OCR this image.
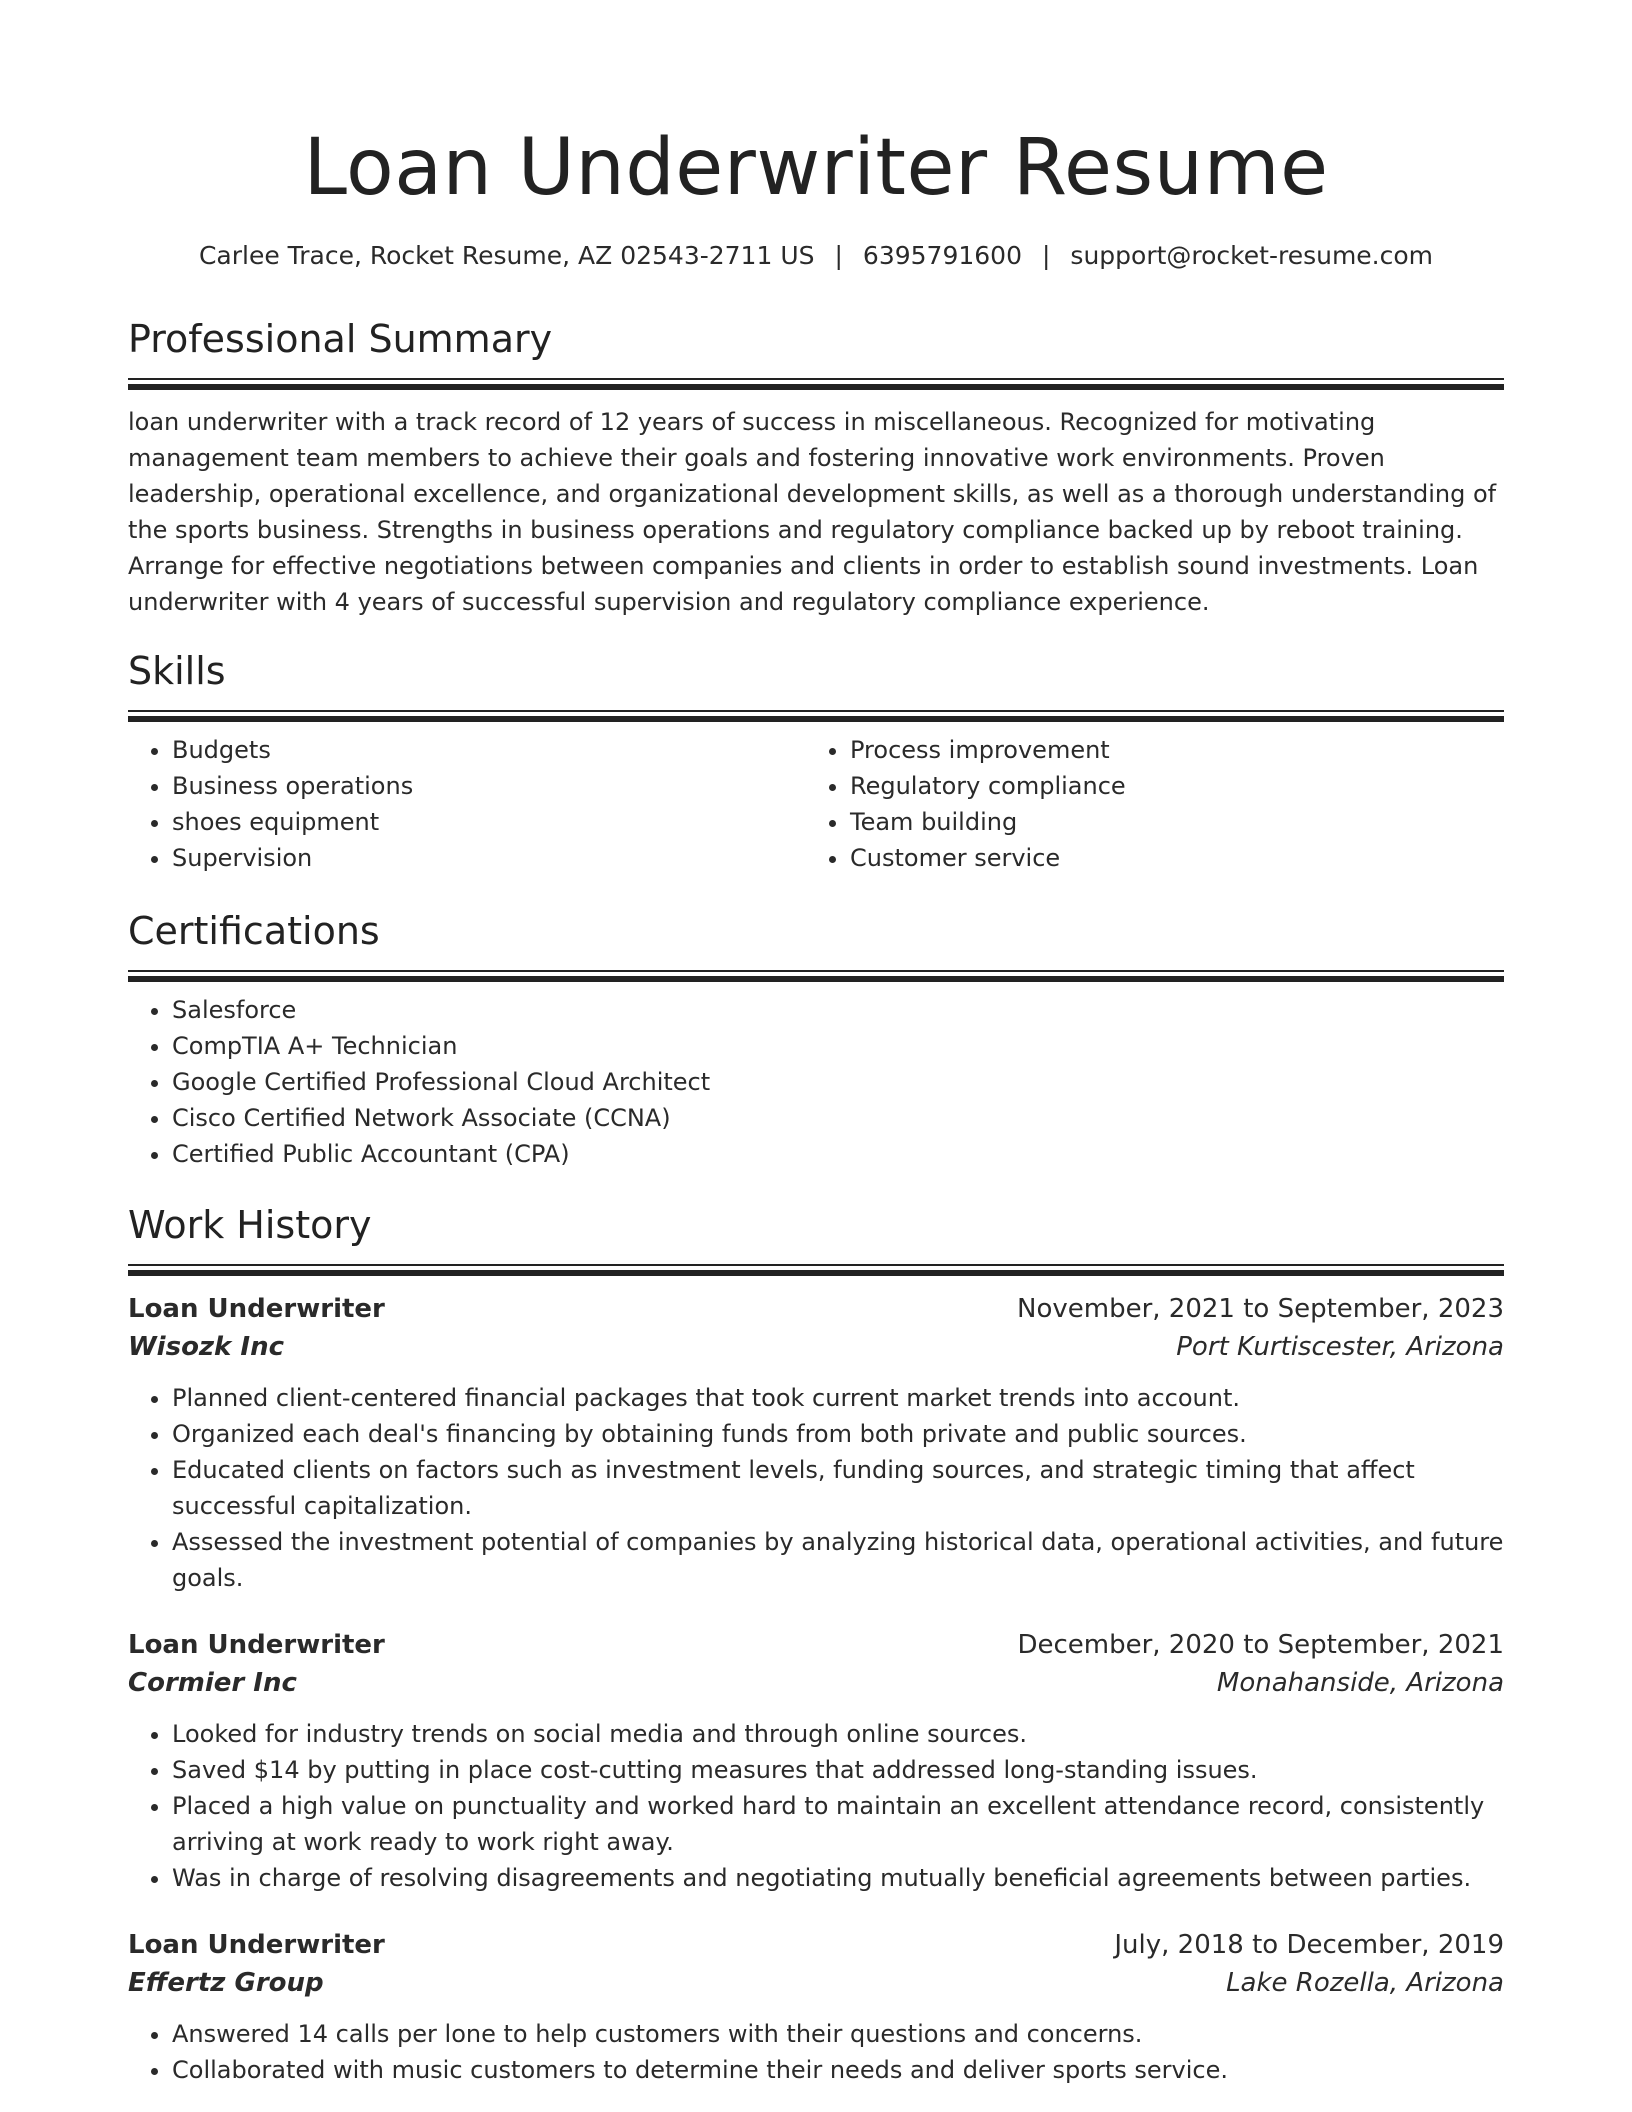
Loan Underwriter Resume
Carlee Trace, Rocket Resume, AZ 02543-2711 US | 6395791600 | support@rocket-resume.com
Professional Summary

loan underwriter with a track record of 12 years of success in miscellaneous. Recognized for motivating management team members to achieve their goals and fostering innovative work environments. Proven leadership, operational excellence, and organizational development skills, as well as a thorough understanding of the sports business. Strengths in business operations and regulatory compliance backed up by reboot training. Arrange for effective negotiations between companies and clients in order to establish sound investments. Loan underwriter with 4 years of successful supervision and regulatory compliance experience.

Skills
• Budgets
• Business operations
• shoes equipment
• Supervision
• Process improvement
• Regulatory compliance
• Team building
• Customer service
Certifications
• Salesforce
• CompTIA A+ Technician
• Google Certified Professional Cloud Architect
• Cisco Certified Network Associate (CCNA)
• Certified Public Accountant (CPA)
Work History
Loan Underwriter	November, 2021 to September, 2023
Wisozk Inc	Port Kurtiscester, Arizona
• Planned client-centered financial packages that took current market trends into account.
• Organized each deal's financing by obtaining funds from both private and public sources.
• Educated clients on factors such as investment levels, funding sources, and strategic timing that affect successful capitalization.
• Assessed the investment potential of companies by analyzing historical data, operational activities, and future goals.
Loan Underwriter	December, 2020 to September, 2021
Cormier Inc	Monahanside, Arizona
• Looked for industry trends on social media and through online sources.
• Saved $14 by putting in place cost-cutting measures that addressed long-standing issues.
• Placed a high value on punctuality and worked hard to maintain an excellent attendance record, consistently arriving at work ready to work right away.
• Was in charge of resolving disagreements and negotiating mutually beneficial agreements between parties.
Loan Underwriter	July, 2018 to December, 2019
Effertz Group	Lake Rozella, Arizona
• Answered 14 calls per lone to help customers with their questions and concerns.
• Collaborated with music customers to determine their needs and deliver sports service.
